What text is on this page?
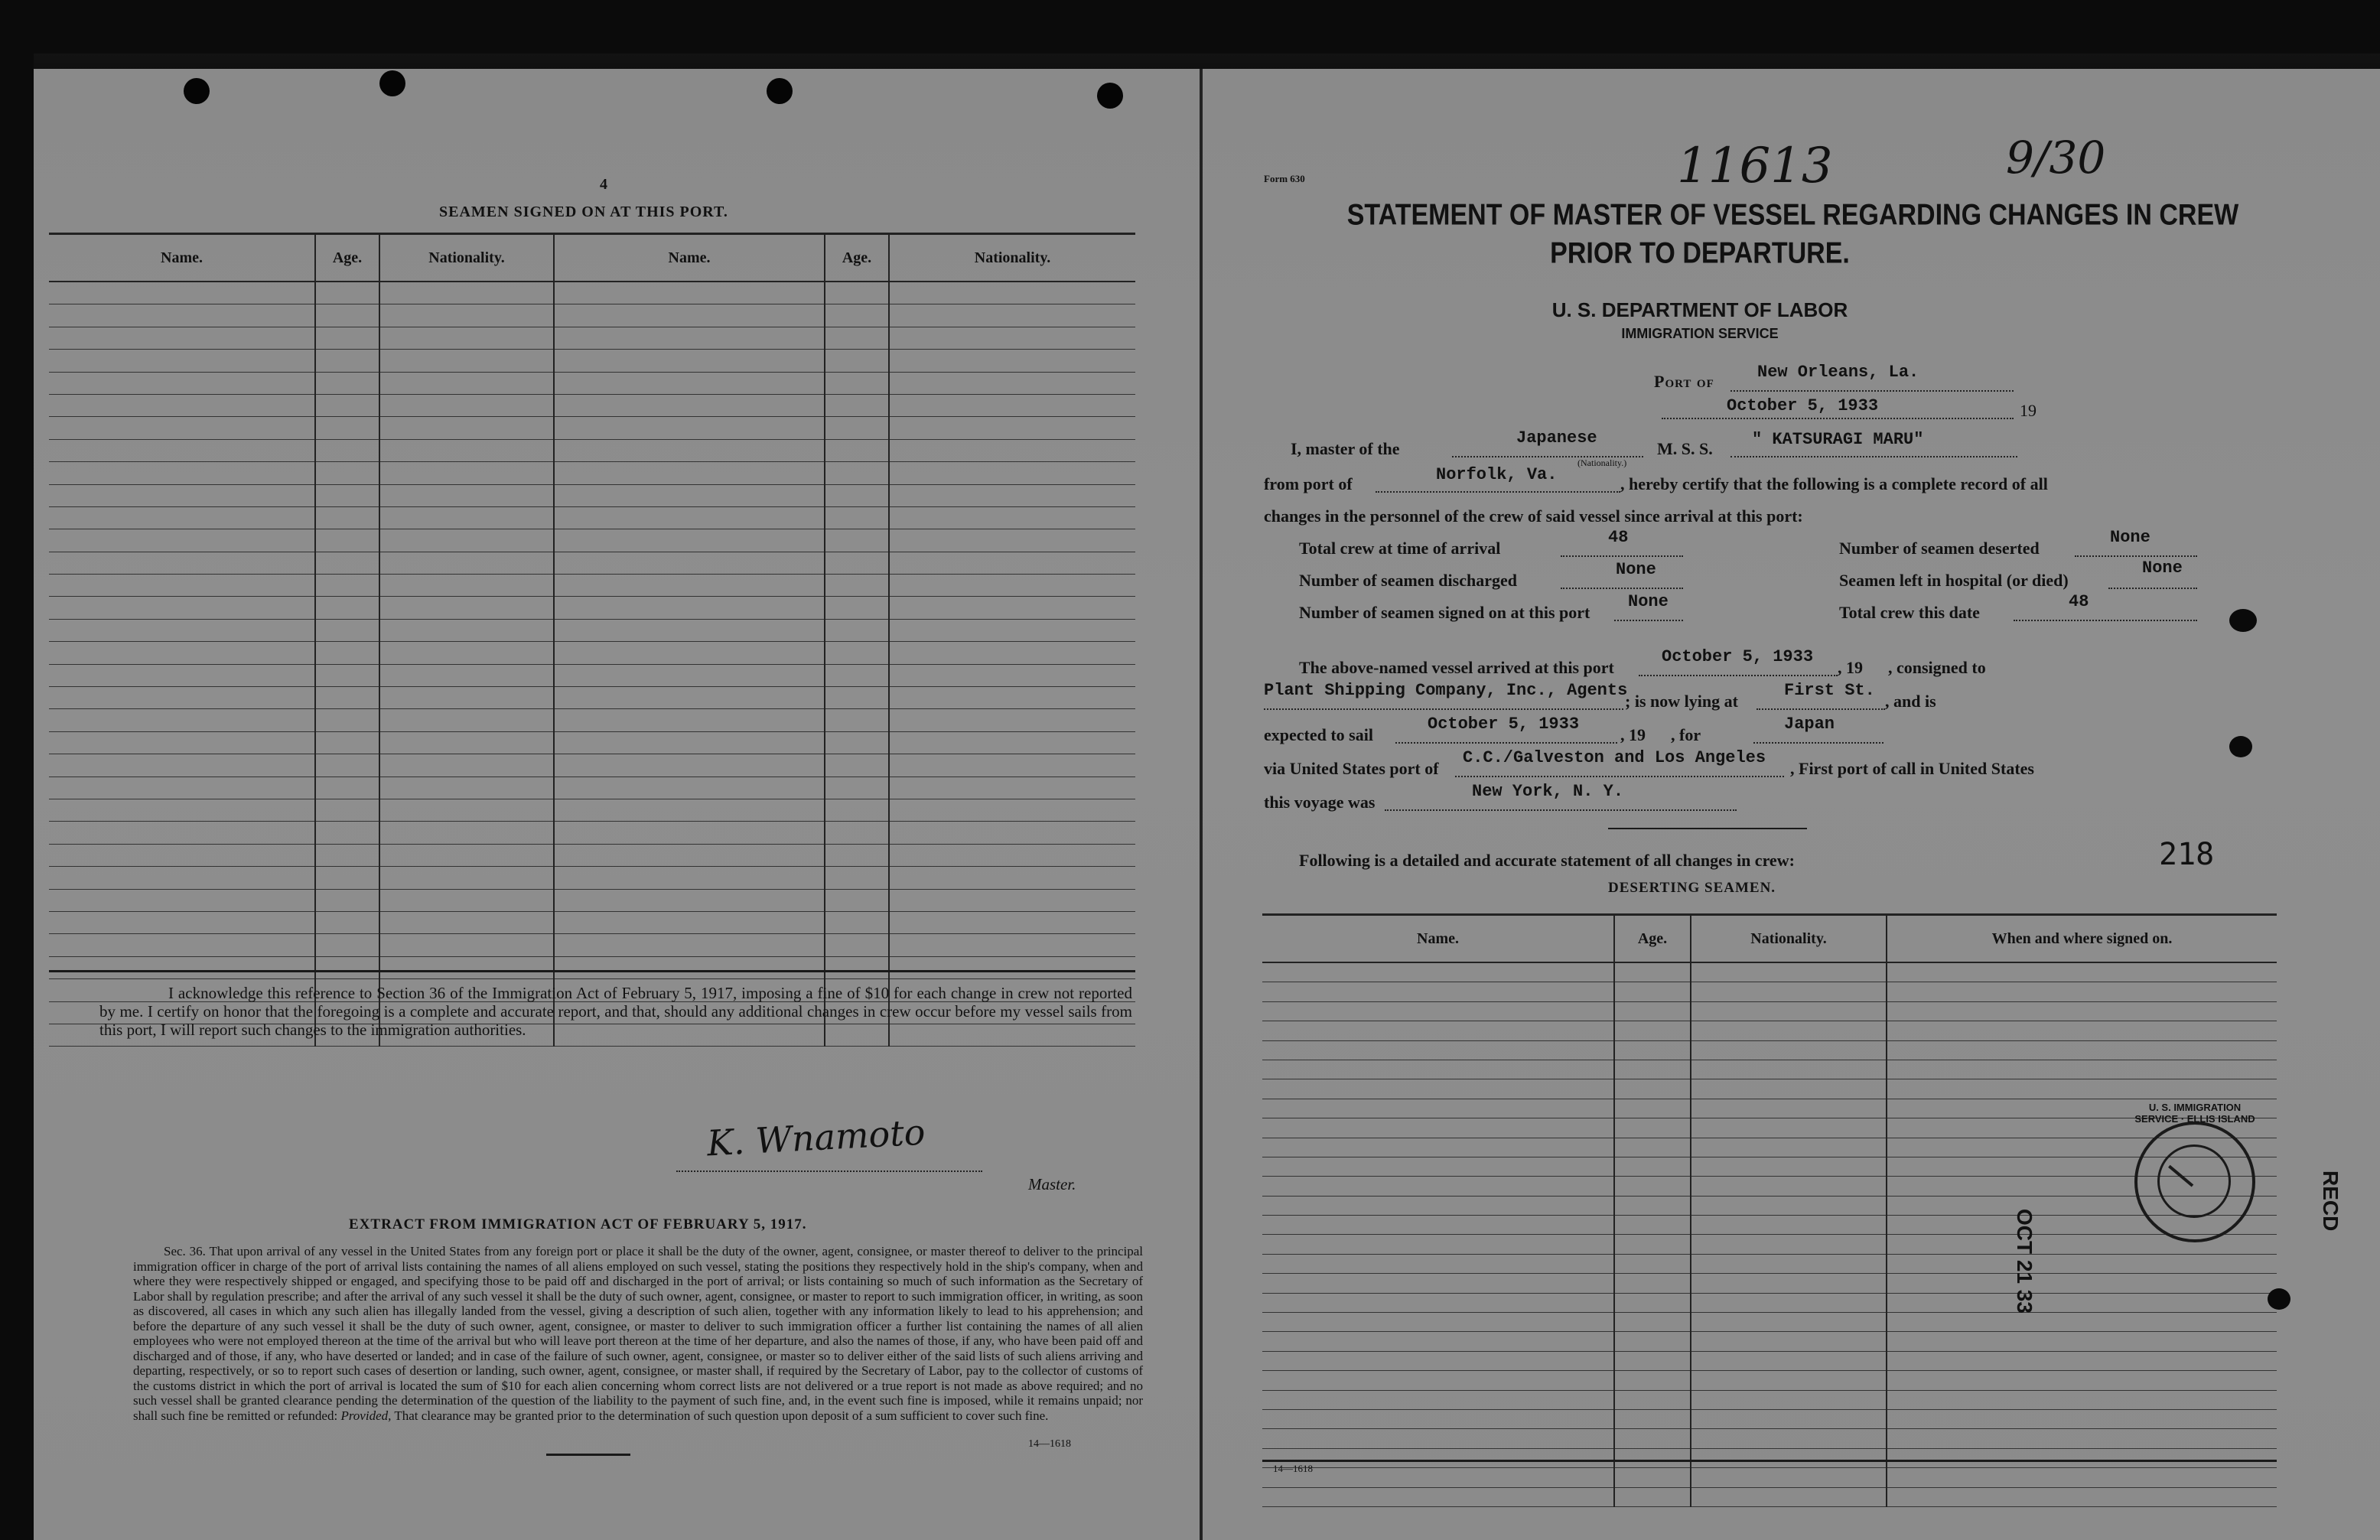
4
SEAMEN SIGNED ON AT THIS PORT.
Name.	Age.	Nationality.	Name.	Age.	Nationality.

I acknowledge this reference to Section 36 of the Immigration Act of February 5, 1917, imposing a fine of $10 for each change in crew not reported by me. I certify on honor that the foregoing is a complete and accurate report, and that, should any additional changes in crew occur before my vessel sails from this port, I will report such changes to the immigration authorities.
K. Wnamoto
Master.
EXTRACT FROM IMMIGRATION ACT OF FEBRUARY 5, 1917.
Sec. 36. That upon arrival of any vessel in the United States from any foreign port or place it shall be the duty of the owner, agent, consignee, or master thereof to deliver to the principal immigration officer in charge of the port of arrival lists containing the names of all aliens employed on such vessel, stating the positions they respectively hold in the ship's company, when and where they were respectively shipped or engaged, and specifying those to be paid off and discharged in the port of arrival; or lists containing so much of such information as the Secretary of Labor shall by regulation prescribe; and after the arrival of any such vessel it shall be the duty of such owner, agent, consignee, or master to report to such immigration officer, in writing, as soon as discovered, all cases in which any such alien has illegally landed from the vessel, giving a description of such alien, together with any information likely to lead to his apprehension; and before the departure of any such vessel it shall be the duty of such owner, agent, consignee, or master to deliver to such immigration officer a further list containing the names of all alien employees who were not employed thereon at the time of the arrival but who will leave port thereon at the time of her departure, and also the names of those, if any, who have been paid off and discharged and of those, if any, who have deserted or landed; and in case of the failure of such owner, agent, consignee, or master so to deliver either of the said lists of such aliens arriving and departing, respectively, or so to report such cases of desertion or landing, such owner, agent, consignee, or master shall, if required by the Secretary of Labor, pay to the collector of customs of the customs district in which the port of arrival is located the sum of $10 for each alien concerning whom correct lists are not delivered or a true report is not made as above required; and no such vessel shall be granted clearance pending the determination of the question of the liability to the payment of such fine, and, in the event such fine is imposed, while it remains unpaid; nor shall such fine be remitted or refunded: Provided, That clearance may be granted prior to the determination of such question upon deposit of a sum sufficient to cover such fine.
14—1618
Form 630	11613	9/30
STATEMENT OF MASTER OF VESSEL REGARDING CHANGES IN CREW
PRIOR TO DEPARTURE.
U. S. DEPARTMENT OF LABOR
IMMIGRATION SERVICE
Port of	New Orleans, La.
October 5, 1933	19
I, master of the
Japanese
(Nationality.)
M. S. S. " KATSURAGI MARU"
from port of	Norfolk, Va.	, hereby certify that the following is a complete record of all
changes in the personnel of the crew of said vessel since arrival at this port:
Total crew at time of arrival
48
Number of seamen deserted
None
Number of seamen discharged
None
Seamen left in hospital (or died)
None
Number of seamen signed on at this port
None
Total crew this date
48
The above-named vessel arrived at this port
October 5, 1933
, 19      , consigned to
Plant Shipping Company, Inc., Agents
; is now lying at
First St.
, and is
expected to sail
October 5, 1933
, 19      , for
Japan
via United States port of
C.C./Galveston and Los Angeles
, First port of call in United States
this voyage was
New York, N. Y.
Following is a detailed and accurate statement of all changes in crew:	218
DESERTING SEAMEN.
Name.	Age.	Nationality.	When and where signed on.

14—1618
U. S. IMMIGRATION SERVICE · ELLIS ISLAND
OCT 21 33
RECD
